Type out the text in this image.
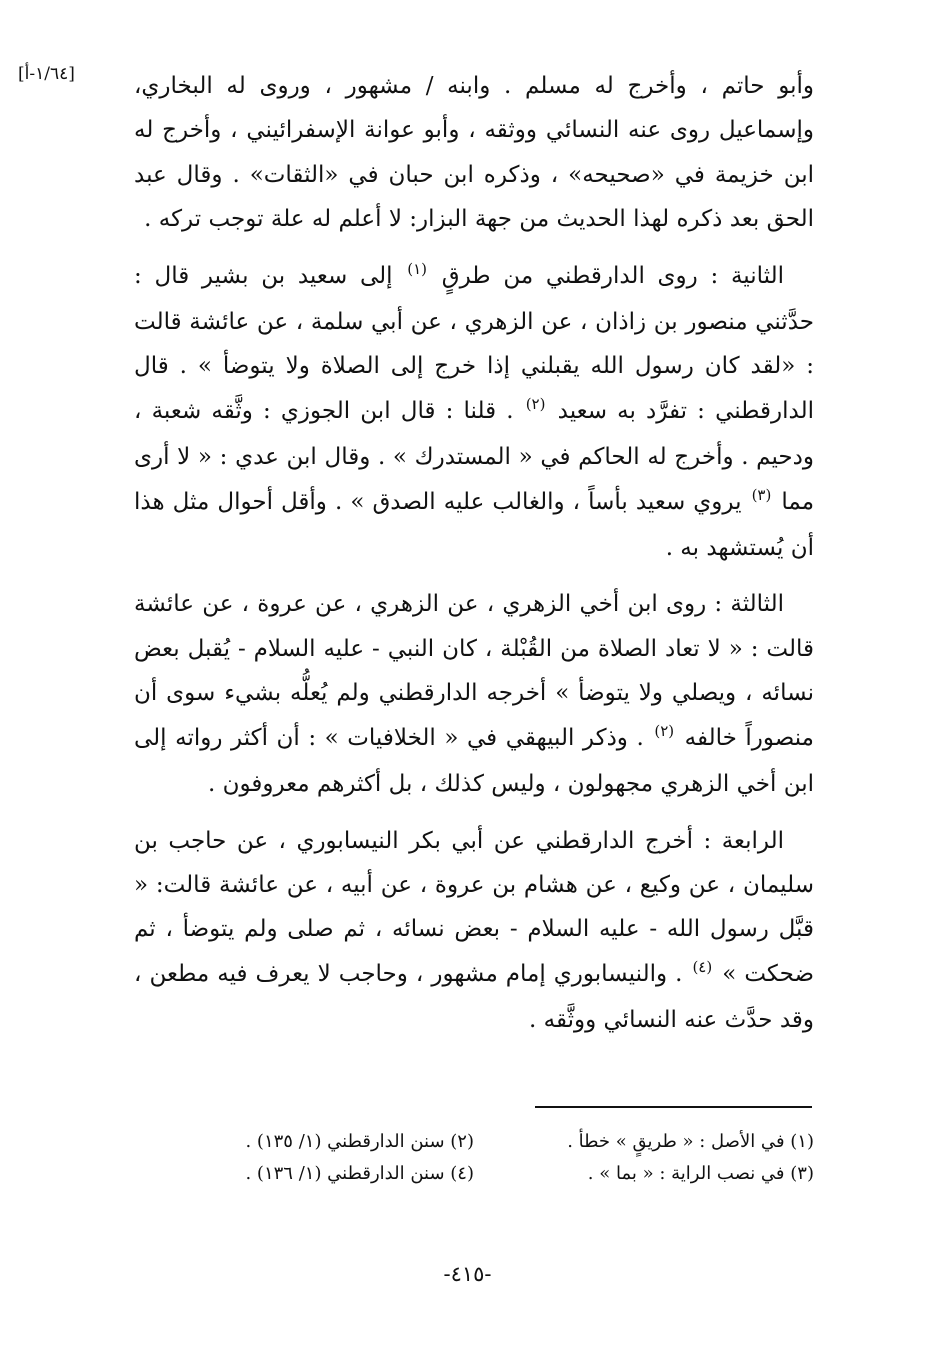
[١/٦٤-أ]	وأبو حاتم ، وأخرج له مسلم . وابنه / مشهور ، وروى له البخاري، وإسماعيل روى عنه النسائي ووثقه ، وأبو عوانة الإسفرائيني ، وأخرج له ابن خزيمة في «صحيحه» ، وذكره ابن حبان في «الثقات» . وقال عبد الحق بعد ذكره لهذا الحديث من جهة البزار: لا أعلم له علة توجب تركه .

الثانية : روى الدارقطني من طرقٍ $^{(١)}$ إلى سعيد بن بشير قال : حدَّثني منصور بن زاذان ، عن الزهري ، عن أبي سلمة ، عن عائشة قالت : «لقد كان رسول الله يقبلني إذا خرج إلى الصلاة ولا يتوضأ » . قال الدارقطني : تفرَّد به سعيد $^{(٢)}$ . قلنا : قال ابن الجوزي : وثَّقه شعبة ، ودحيم . وأخرج له الحاكم في « المستدرك » . وقال ابن عدي : « لا أرى مما $^{(٣)}$ يروي سعيد بأساً ، والغالب عليه الصدق » . وأقل أحوال مثل هذا أن يُستشهد به .

الثالثة : روى ابن أخي الزهري ، عن الزهري ، عن عروة ، عن عائشة قالت : « لا تعاد الصلاة من القُبْلة ، كان النبي - عليه السلام - يُقبل بعض نسائه ، ويصلي ولا يتوضأ » أخرجه الدارقطني ولم يُعلُّه بشيء سوى أن منصوراً خالفه $^{(٢)}$ . وذكر البيهقي في « الخلافيات » : أن أكثر رواته إلى ابن أخي الزهري مجهولون ، وليس كذلك ، بل أكثرهم معروفون .

الرابعة : أخرج الدارقطني عن أبي بكر النيسابوري ، عن حاجب بن سليمان ، عن وكيع ، عن هشام بن عروة ، عن أبيه ، عن عائشة قالت: « قبَّل رسول الله - عليه السلام - بعض نسائه ، ثم صلى ولم يتوضأ ، ثم ضحكت » $^{(٤)}$ . والنيسابوري إمام مشهور ، وحاجب لا يعرف فيه مطعن ، وقد حدَّث عنه النسائي ووثَّقه .

(١) في الأصل : « طريقٍ » خطأ .
(٢) سنن الدارقطني (١/ ١٣٥) .
(٣) في نصب الراية : « بما » .
(٤) سنن الدارقطني (١/ ١٣٦) .
-٤١٥-
